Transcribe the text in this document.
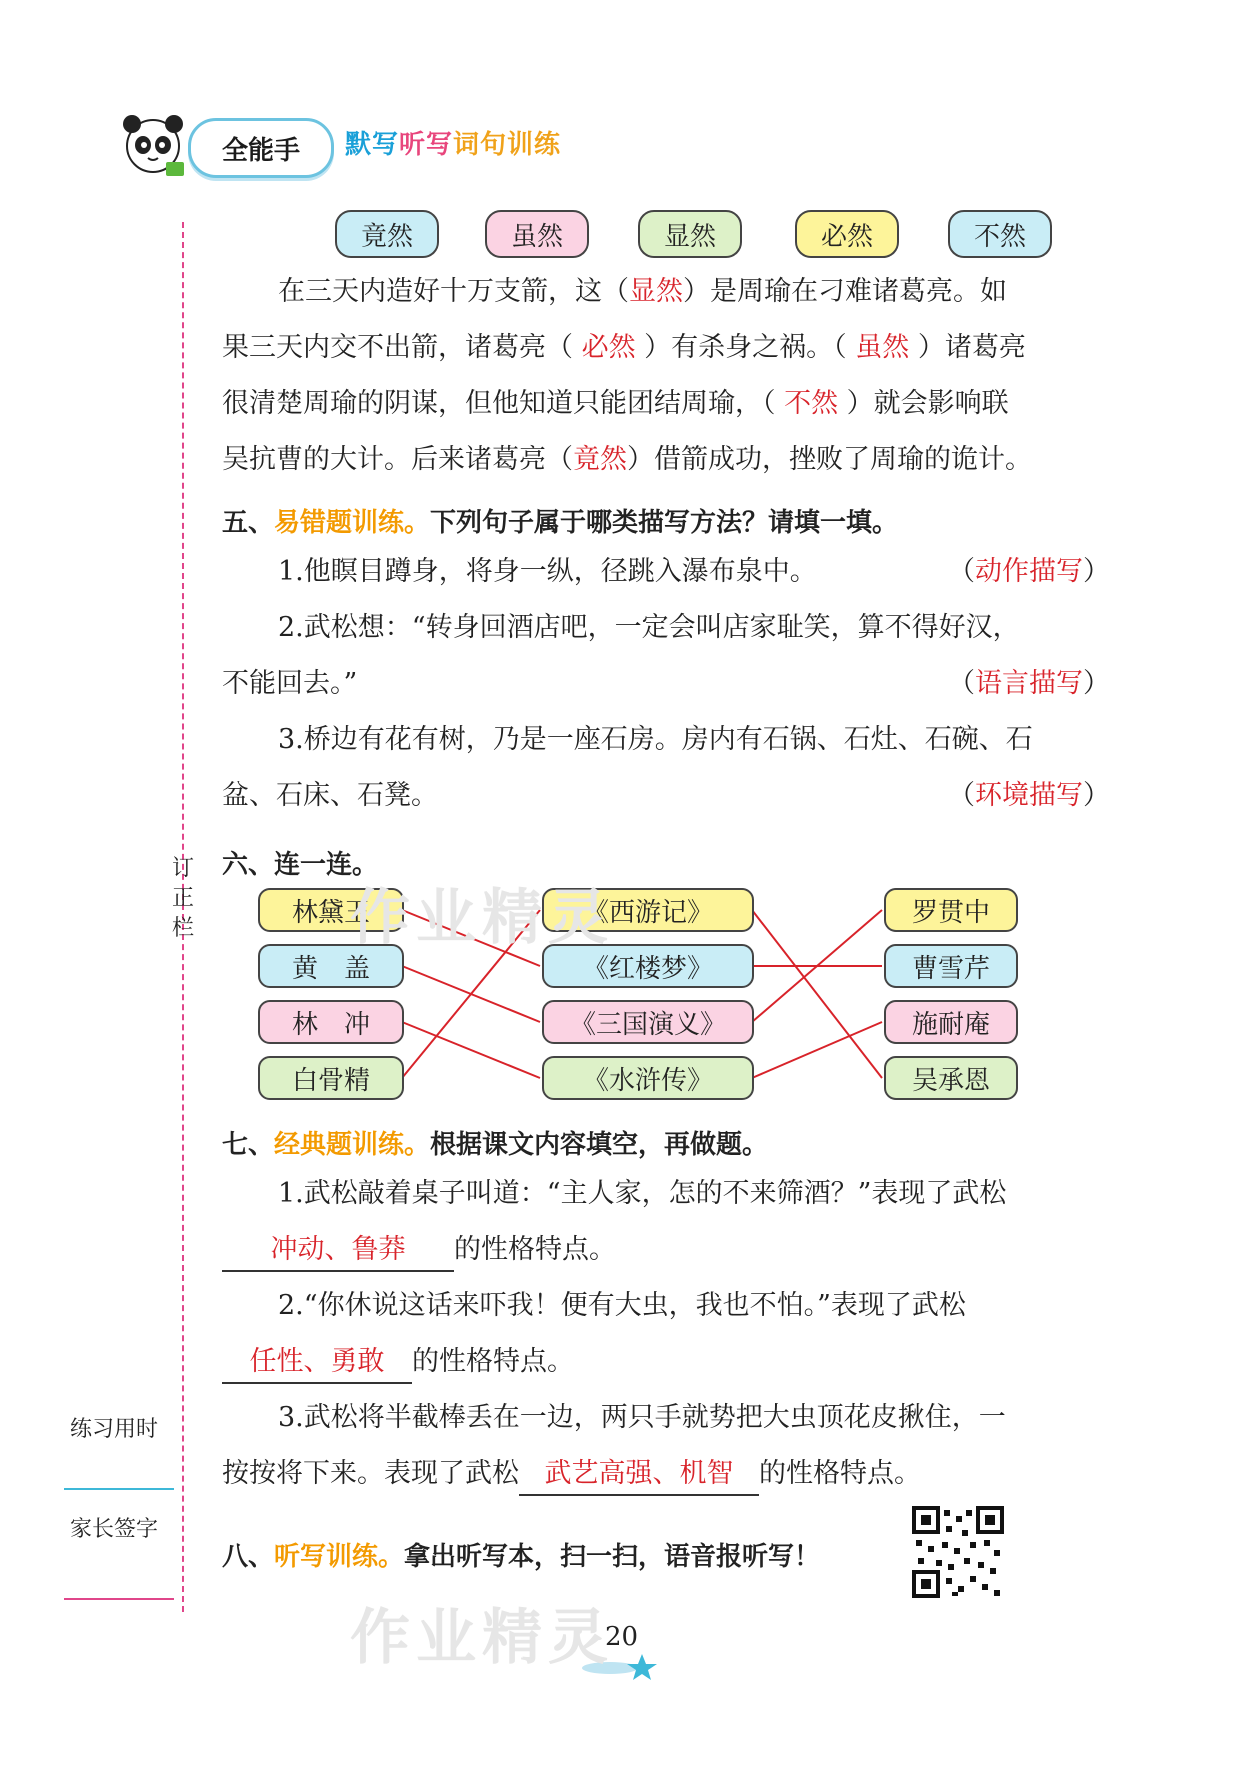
全能手	默写听写词句训练
订
正
栏
练习用时
家长签字
竟然	虽然	显然	必然	不然
在三天内造好十万支箭，这（显然）是周瑜在刁难诸葛亮。如
果三天内交不出箭，诸葛亮（ 必然 ）有杀身之祸。（ 虽然 ）诸葛亮
很清楚周瑜的阴谋，但他知道只能团结周瑜，（ 不然 ）就会影响联
吴抗曹的大计。后来诸葛亮（竟然）借箭成功，挫败了周瑜的诡计。
五、易错题训练。下列句子属于哪类描写方法？请填一填。
1.他瞑目蹲身，将身一纵，径跳入瀑布泉中。	（动作描写）
2.武松想：“转身回酒店吧，一定会叫店家耻笑，算不得好汉，
不能回去。”	（语言描写）
3.桥边有花有树，乃是一座石房。房内有石锅、石灶、石碗、石
盆、石床、石凳。	（环境描写）
六、连一连。
林黛玉
黄　盖
林　冲
白骨精
《西游记》
《红楼梦》
《三国演义》
《水浒传》
罗贯中
曹雪芹
施耐庵
吴承恩
七、经典题训练。根据课文内容填空，再做题。
1.武松敲着桌子叫道：“主人家，怎的不来筛酒？”表现了武松
冲动、鲁莽 的性格特点。
2.“你休说这话来吓我！便有大虫，我也不怕。”表现了武松
任性、勇敢 的性格特点。
3.武松将半截棒丢在一边，两只手就势把大虫顶花皮揪住，一
按按将下来。表现了武松 武艺高强、机智 的性格特点。
八、听写训练。拿出听写本，扫一扫，语音报听写！
20
作业精灵
作业精灵
